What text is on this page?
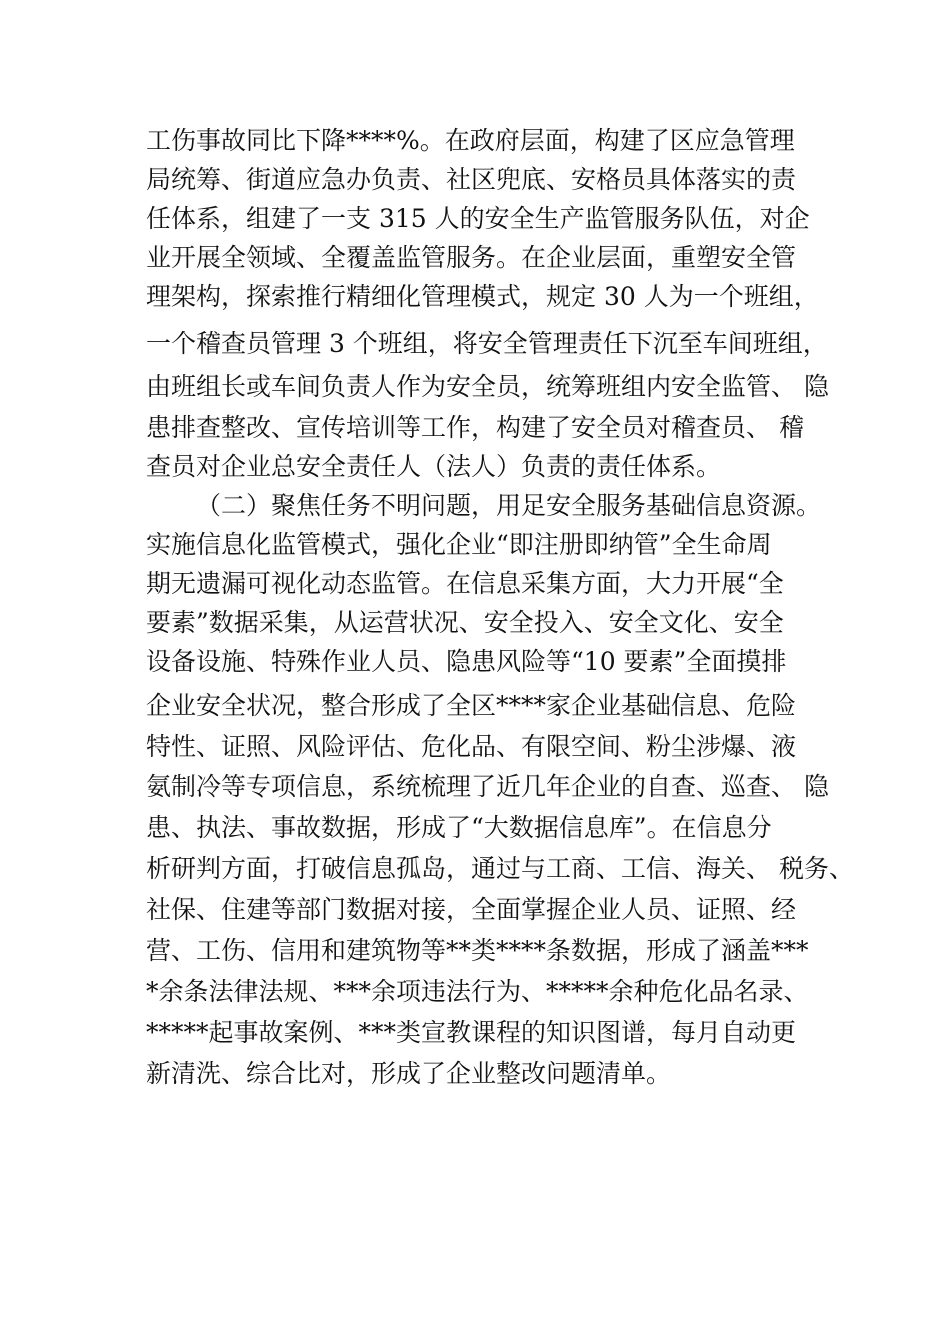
工伤事故同比下降****%。在政府层面，构建了区应急管理
局统筹、街道应急办负责、社区兜底、安格员具体落实的责
任体系，组建了一支 315 人的安全生产监管服务队伍，对企
业开展全领域、全覆盖监管服务。在企业层面，重塑安全管
理架构，探索推行精细化管理模式，规定 30 人为一个班组，
一个稽查员管理 3 个班组，将安全管理责任下沉至车间班组，
由班组长或车间负责人作为安全员，统筹班组内安全监管、 隐
患排查整改、宣传培训等工作，构建了安全员对稽查员、 稽
查员对企业总安全责任人（法人）负责的责任体系。
（二）聚焦任务不明问题，用足安全服务基础信息资源。
实施信息化监管模式，强化企业“即注册即纳管”全生命周
期无遗漏可视化动态监管。在信息采集方面，大力开展“全
要素”数据采集，从运营状况、安全投入、安全文化、安全
设备设施、特殊作业人员、隐患风险等“10 要素”全面摸排
企业安全状况，整合形成了全区****家企业基础信息、危险
特性、证照、风险评估、危化品、有限空间、粉尘涉爆、液
氨制冷等专项信息，系统梳理了近几年企业的自查、巡查、 隐
患、执法、事故数据，形成了“大数据信息库”。在信息分
析研判方面，打破信息孤岛，通过与工商、工信、海关、 税务、
社保、住建等部门数据对接，全面掌握企业人员、证照、经
营、工伤、信用和建筑物等**类****条数据，形成了涵盖***
*余条法律法规、***余项违法行为、*****余种危化品名录、
*****起事故案例、***类宣教课程的知识图谱，每月自动更
新清洗、综合比对，形成了企业整改问题清单。
